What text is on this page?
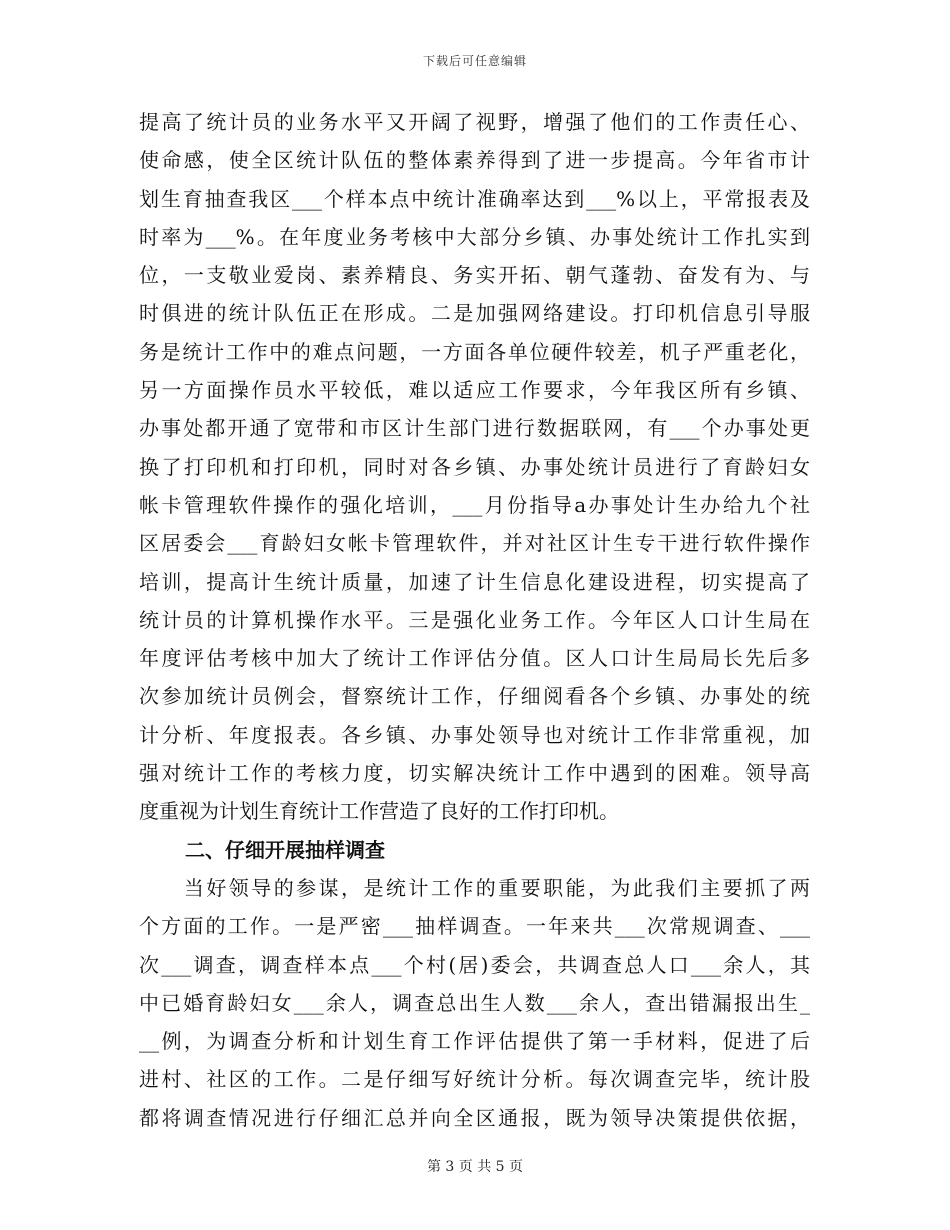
下载后可任意编辑
提高了统计员的业务水平又开阔了视野，增强了他们的工作责任心、
使命感，使全区统计队伍的整体素养得到了进一步提高。今年省市计
划生育抽查我区___个样本点中统计准确率达到___%以上，平常报表及
时率为___%。在年度业务考核中大部分乡镇、办事处统计工作扎实到
位，一支敬业爱岗、素养精良、务实开拓、朝气蓬勃、奋发有为、与
时俱进的统计队伍正在形成。二是加强网络建设。打印机信息引导服
务是统计工作中的难点问题，一方面各单位硬件较差，机子严重老化，
另一方面操作员水平较低，难以适应工作要求，今年我区所有乡镇、
办事处都开通了宽带和市区计生部门进行数据联网，有___个办事处更
换了打印机和打印机，同时对各乡镇、办事处统计员进行了育龄妇女
帐卡管理软件操作的强化培训，___月份指导a办事处计生办给九个社
区居委会___育龄妇女帐卡管理软件，并对社区计生专干进行软件操作
培训，提高计生统计质量，加速了计生信息化建设进程，切实提高了
统计员的计算机操作水平。三是强化业务工作。今年区人口计生局在
年度评估考核中加大了统计工作评估分值。区人口计生局局长先后多
次参加统计员例会，督察统计工作，仔细阅看各个乡镇、办事处的统
计分析、年度报表。各乡镇、办事处领导也对统计工作非常重视，加
强对统计工作的考核力度，切实解决统计工作中遇到的困难。领导高
度重视为计划生育统计工作营造了良好的工作打印机。
二、仔细开展抽样调查
　　当好领导的参谋，是统计工作的重要职能，为此我们主要抓了两
个方面的工作。一是严密___抽样调查。一年来共___次常规调查、___
次___调查，调查样本点___个村(居)委会，共调查总人口___余人，其
中已婚育龄妇女___余人，调查总出生人数___余人，查出错漏报出生_
__例，为调查分析和计划生育工作评估提供了第一手材料，促进了后
进村、社区的工作。二是仔细写好统计分析。每次调查完毕，统计股
都将调查情况进行仔细汇总并向全区通报，既为领导决策提供依据，
第 3 页 共 5 页
